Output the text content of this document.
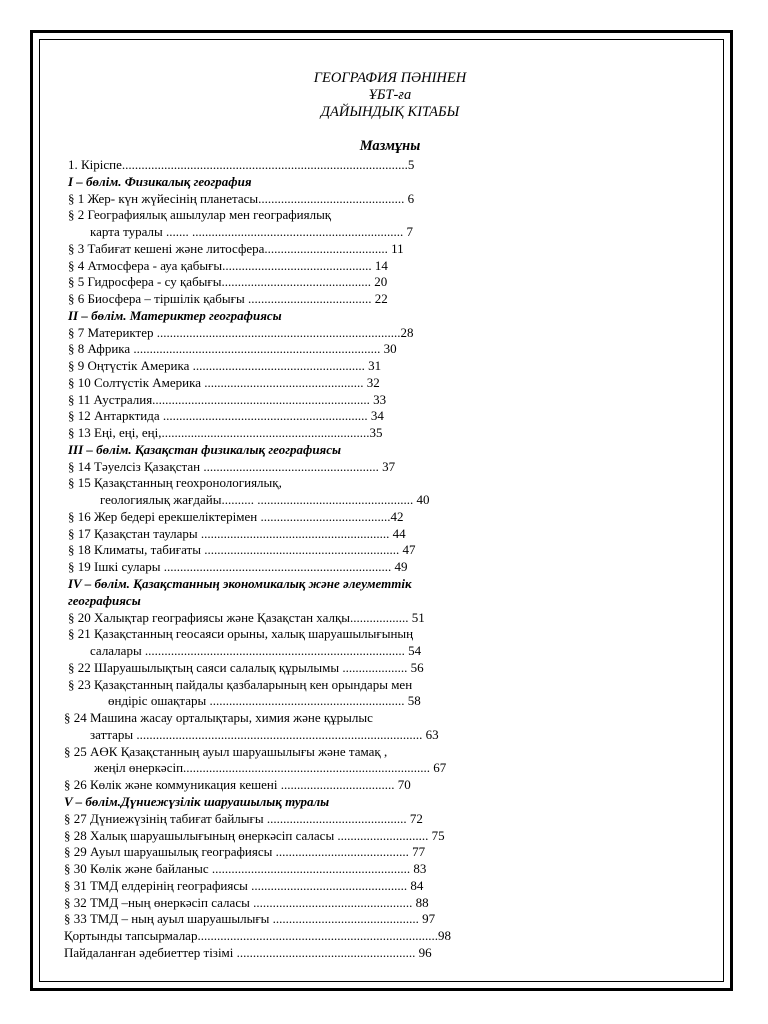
ГЕОГРАФИЯ ПӘНІНЕН
ҰБТ-ға
ДАЙЫНДЫҚ КІТАБЫ
Мазмұны
1. Кіріспе........................................................................................5
І – бөлім. Физикалық география
§ 1 Жер- күн жүйесінің планетасы............................................. 6
§ 2 Географиялық ашылулар мен географиялық
карта туралы ....... ................................................................. 7
§ 3 Табиғат кешені және литосфера...................................... 11
§ 4 Атмосфера - ауа қабығы.............................................. 14
§ 5 Гидросфера - су қабығы.............................................. 20
§ 6 Биосфера – тіршілік қабығы ...................................... 22
ІІ – бөлім. Материктер географиясы
§ 7 Материктер ...........................................................................28
§ 8 Африка ............................................................................ 30
§ 9 Оңтүстік Америка ..................................................... 31
§ 10 Солтүстік Америка ................................................. 32
§ 11 Аустралия................................................................... 33
§ 12 Антарктида ............................................................... 34
§ 13 Еңі, еңі, еңі,................................................................35
ІІІ – бөлім. Қазақстан физикалық географиясы
§ 14 Тәуелсіз Қазақстан ...................................................... 37
§ 15 Қазақстанның геохронологиялық,
геологиялық жағдайы.......... ................................................ 40
§ 16 Жер бедері ерекшеліктерімен ........................................42
§ 17 Қазақстан таулары .......................................................... 44
§ 18 Климаты, табиғаты ............................................................ 47
§ 19 Ішкі сулары ...................................................................... 49
IV – бөлім. Қазақстанның экономикалық және әлеуметтік
географиясы
§ 20 Халықтар географиясы және Қазақстан халқы.................. 51
§ 21 Қазақстанның геосаяси орыны, халық шаруашылығының
салалары ................................................................................ 54
§ 22 Шаруашылықтың саяси салалық құрылымы .................... 56
§ 23 Қазақстанның пайдалы қазбаларының кен орындары мен
өндіріс ошақтары ............................................................ 58
§ 24 Машина жасау орталықтары, химия және құрылыс
заттары ........................................................................................ 63
§ 25 АӨК Қазақстанның ауыл шаруашылығы және тамақ ,
жеңіл өнеркәсіп............................................................................ 67
§ 26 Көлік және коммуникация кешені ................................... 70
V – бөлім.Дүниежүзілік шаруашылық туралы
§ 27 Дүниежүзінің табиғат байлығы ........................................... 72
§ 28 Халық шаруашылығының өнеркәсіп саласы ............................ 75
§ 29 Ауыл шаруашылық географиясы ......................................... 77
§ 30 Көлік және байланыс ............................................................. 83
§ 31 ТМД елдерінің географиясы ................................................ 84
§ 32 ТМД –ның өнеркәсіп саласы ................................................. 88
§ 33 ТМД – ның ауыл шаруашылығы ............................................. 97
Қортынды тапсырмалар..........................................................................98
Пайдаланған әдебиеттер тізімі ....................................................... 96
